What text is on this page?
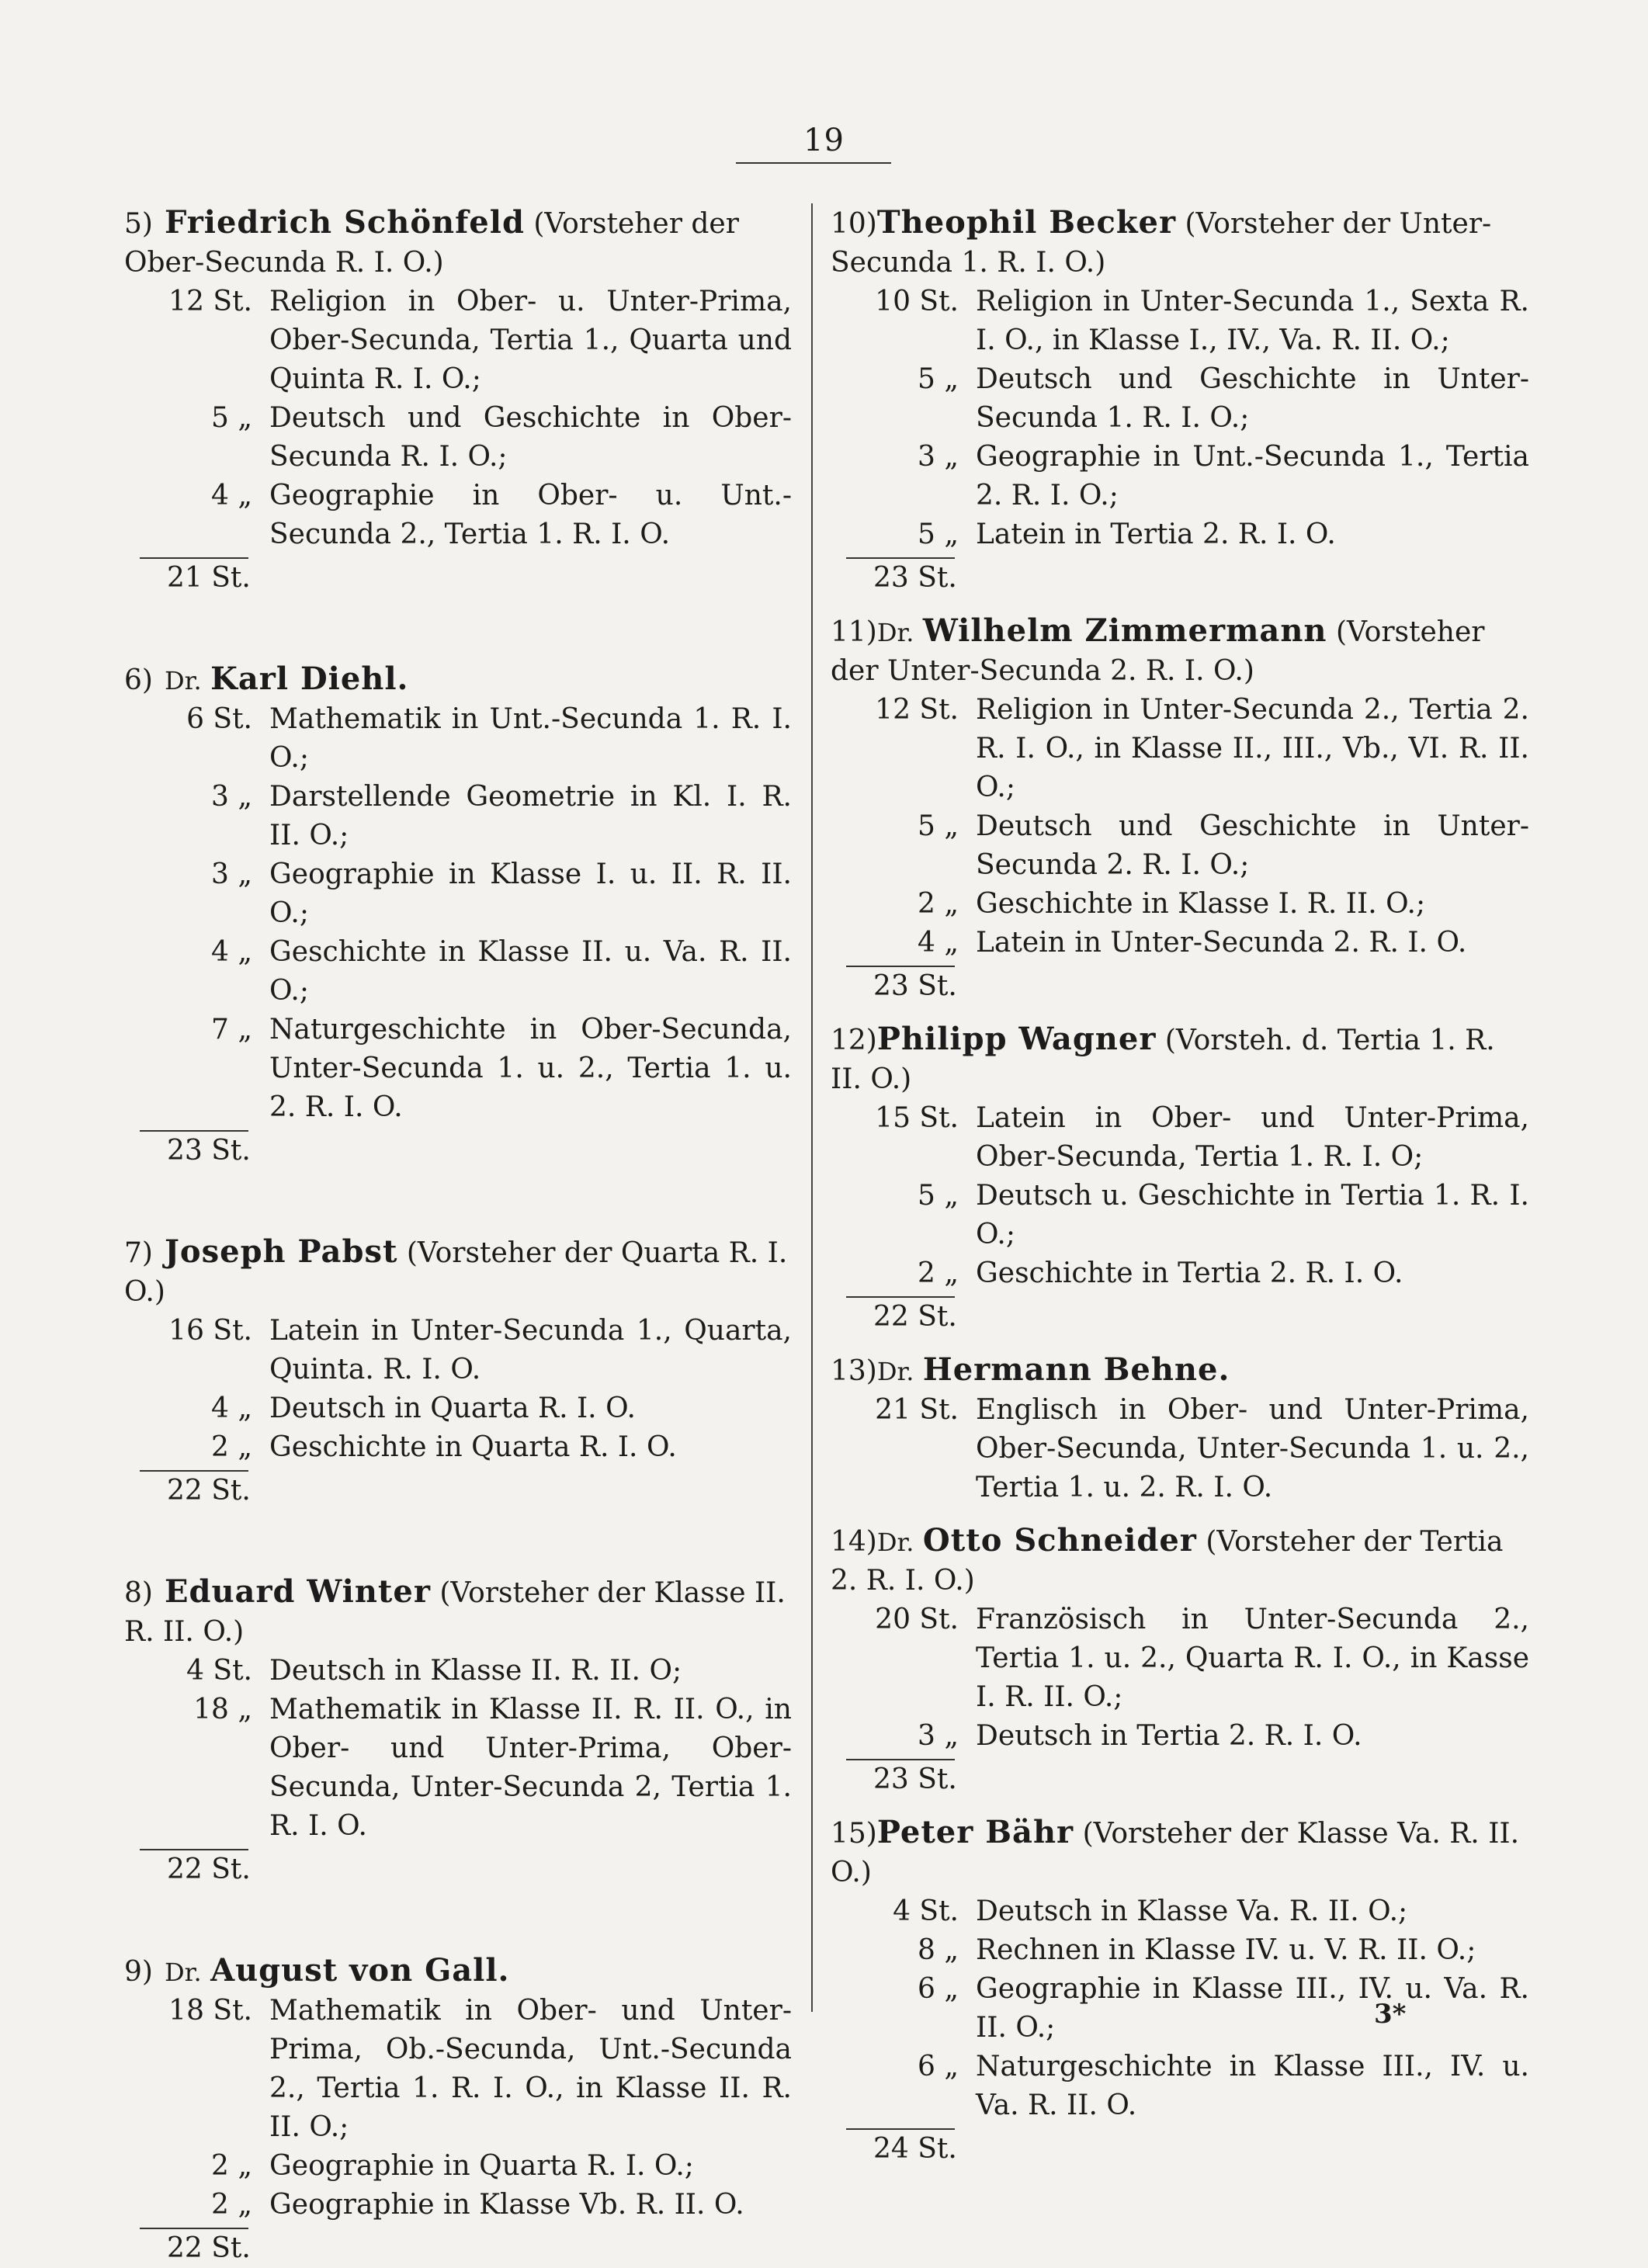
19
5) Friedrich Schönfeld (Vorsteher der Ober-Secunda R. I. O.)
12 St. Religion in Ober- u. Unter-Prima, Ober-Secunda, Tertia 1., Quarta und Quinta R. I. O.;
5 „ Deutsch und Geschichte in Ober-Secunda R. I. O.;
4 „ Geographie in Ober- u. Unt.-Secunda 2., Tertia 1. R. I. O.
21 St.
6) Dr. Karl Diehl.
6 St. Mathematik in Unt.-Secunda 1. R. I. O.;
3 „ Darstellende Geometrie in Kl. I. R. II. O.;
3 „ Geographie in Klasse I. u. II. R. II. O.;
4 „ Geschichte in Klasse II. u. Va. R. II. O.;
7 „ Naturgeschichte in Ober-Secunda, Unter-Secunda 1. u. 2., Tertia 1. u. 2. R. I. O.
23 St.
7) Joseph Pabst (Vorsteher der Quarta R. I. O.)
16 St. Latein in Unter-Secunda 1., Quarta, Quinta. R. I. O.
4 „ Deutsch in Quarta R. I. O.
2 „ Geschichte in Quarta R. I. O.
22 St.
8) Eduard Winter (Vorsteher der Klasse II. R. II. O.)
4 St. Deutsch in Klasse II. R. II. O;
18 „ Mathematik in Klasse II. R. II. O., in Ober- und Unter-Prima, Ober-Secunda, Unter-Secunda 2, Tertia 1. R. I. O.
22 St.
9) Dr. August von Gall.
18 St. Mathematik in Ober- und Unter-Prima, Ob.-Secunda, Unt.-Secunda 2., Tertia 1. R. I. O., in Klasse II. R. II. O.;
2 „ Geographie in Quarta R. I. O.;
2 „ Geographie in Klasse Vb. R. II. O.
22 St.
10)Theophil Becker (Vorsteher der Unter-Secunda 1. R. I. O.)
10 St. Religion in Unter-Secunda 1., Sexta R. I. O., in Klasse I., IV., Va. R. II. O.;
5 „ Deutsch und Geschichte in Unter-Secunda 1. R. I. O.;
3 „ Geographie in Unt.-Secunda 1., Tertia 2. R. I. O.;
5 „ Latein in Tertia 2. R. I. O.
23 St.
11)Dr. Wilhelm Zimmermann (Vorsteher der Unter-Secunda 2. R. I. O.)
12 St. Religion in Unter-Secunda 2., Tertia 2. R. I. O., in Klasse II., III., Vb., VI. R. II. O.;
5 „ Deutsch und Geschichte in Unter-Secunda 2. R. I. O.;
2 „ Geschichte in Klasse I. R. II. O.;
4 „ Latein in Unter-Secunda 2. R. I. O.
23 St.
12)Philipp Wagner (Vorsteh. d. Tertia 1. R. II. O.)
15 St. Latein in Ober- und Unter-Prima, Ober-Secunda, Tertia 1. R. I. O;
5 „ Deutsch u. Geschichte in Tertia 1. R. I. O.;
2 „ Geschichte in Tertia 2. R. I. O.
22 St.
13)Dr. Hermann Behne.
21 St. Englisch in Ober- und Unter-Prima, Ober-Secunda, Unter-Secunda 1. u. 2., Tertia 1. u. 2. R. I. O.
14)Dr. Otto Schneider (Vorsteher der Tertia 2. R. I. O.)
20 St. Französisch in Unter-Secunda 2., Tertia 1. u. 2., Quarta R. I. O., in Kasse I. R. II. O.;
3 „ Deutsch in Tertia 2. R. I. O.
23 St.
15)Peter Bähr (Vorsteher der Klasse Va. R. II. O.)
4 St. Deutsch in Klasse Va. R. II. O.;
8 „ Rechnen in Klasse IV. u. V. R. II. O.;
6 „ Geographie in Klasse III., IV. u. Va. R. II. O.;
6 „ Naturgeschichte in Klasse III., IV. u. Va. R. II. O.
24 St.
3*
